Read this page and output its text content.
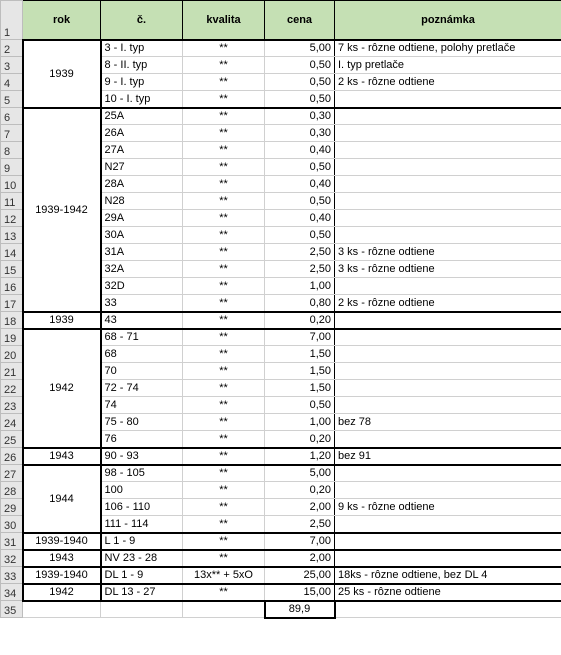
1	rok	č.	kvalita	cena	poznámka
2	1939	3 - I. typ	**	5,00	7 ks - rôzne odtiene, polohy pretlače
3		8 - II. typ	**	0,50	I. typ pretlače
4		9 - I. typ	**	0,50	2 ks - rôzne odtiene
5		10 - I. typ	**	0,50	
6	1939-1942	25A	**	0,30	
7		26A	**	0,30	
8		27A	**	0,40	
9		N27	**	0,50	
10		28A	**	0,40	
11		N28	**	0,50	
12		29A	**	0,40	
13		30A	**	0,50	
14		31A	**	2,50	3 ks - rôzne odtiene
15		32A	**	2,50	3 ks - rôzne odtiene
16		32D	**	1,00	
17		33	**	0,80	2 ks - rôzne odtiene
18	1939	43	**	0,20	
19	1942	68 - 71	**	7,00	
20		68	**	1,50	
21		70	**	1,50	
22		72 - 74	**	1,50	
23		74	**	0,50	
24		75 - 80	**	1,00	bez 78
25		76	**	0,20	
26	1943	90 - 93	**	1,20	bez 91
27	1944	98 - 105	**	5,00	
28		100	**	0,20	
29		106 - 110	**	2,00	9 ks - rôzne odtiene
30		111 - 114	**	2,50	
31	1939-1940	L 1 - 9	**	7,00	
32	1943	NV 23 - 28	**	2,00	
33	1939-1940	DL 1 - 9	13x** + 5xO	25,00	18ks - rôzne odtiene, bez DL 4
34	1942	DL 13 - 27	**	15,00	25 ks - rôzne odtiene
35				89,9	
